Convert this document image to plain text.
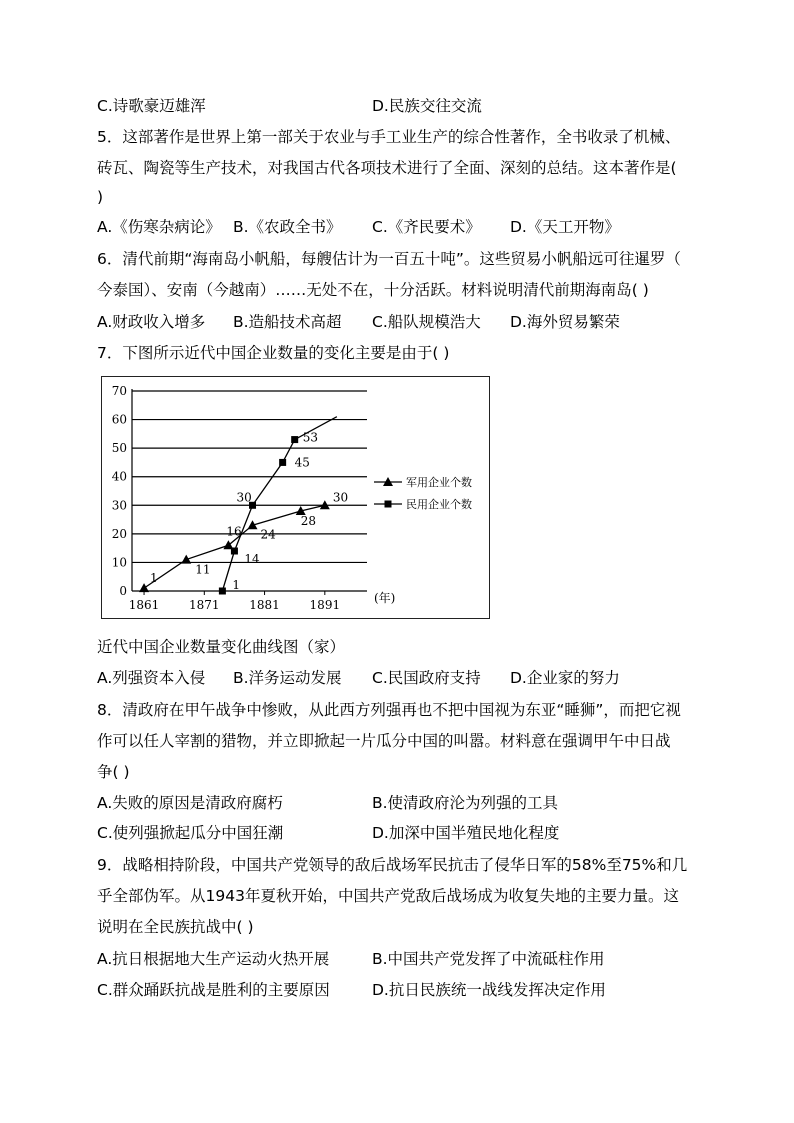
C.诗歌豪迈雄浑	D.民族交往交流
5．这部著作是世界上第一部关于农业与手工业生产的综合性著作，全书收录了机械、
砖瓦、陶瓷等生产技术，对我国古代各项技术进行了全面、深刻的总结。这本著作是(
)
A.《伤寒杂病论》 B.《农政全书》 C.《齐民要术》 D.《天工开物》
6．清代前期“海南岛小帆船，每艘估计为一百五十吨”。这些贸易小帆船远可往暹罗（
今泰国）、安南（今越南）……无处不在，十分活跃。材料说明清代前期海南岛( )
A.财政收入增多 B.造船技术高超 C.船队规模浩大 D.海外贸易繁荣
7．下图所示近代中国企业数量的变化主要是由于( )
0
10
20
30
40
50
60
70
1861 1871 1881 1891	(年)
1
11
16 24
28
30
1
14
30
45
53
军用企业个数
民用企业个数
近代中国企业数量变化曲线图（家）
A.列强资本入侵 B.洋务运动发展 C.民国政府支持 D.企业家的努力
8．清政府在甲午战争中惨败，从此西方列强再也不把中国视为东亚“睡狮”，而把它视
作可以任人宰割的猎物，并立即掀起一片瓜分中国的叫嚣。材料意在强调甲午中日战
争( )
A.失败的原因是清政府腐朽	B.使清政府沦为列强的工具
C.使列强掀起瓜分中国狂潮	D.加深中国半殖民地化程度
9．战略相持阶段，中国共产党领导的敌后战场军民抗击了侵华日军的58%至75%和几
乎全部伪军。从1943年夏秋开始，中国共产党敌后战场成为收复失地的主要力量。这
说明在全民族抗战中( )
A.抗日根据地大生产运动火热开展	B.中国共产党发挥了中流砥柱作用
C.群众踊跃抗战是胜利的主要原因	D.抗日民族统一战线发挥决定作用
